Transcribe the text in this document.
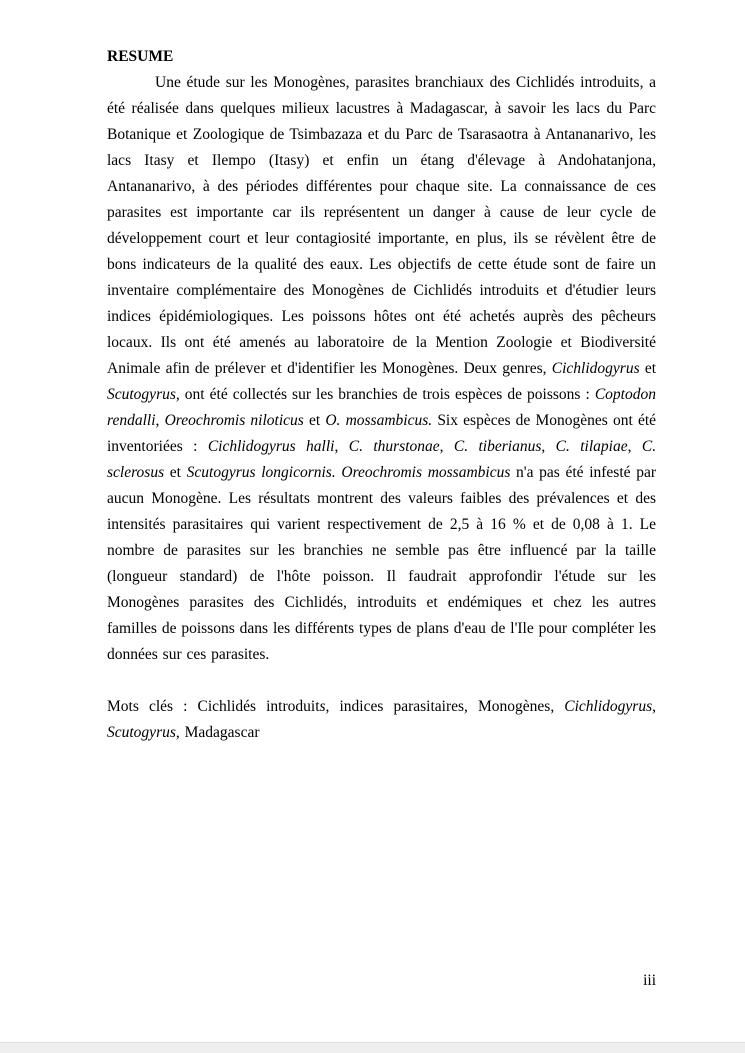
RESUME

Une étude sur les Monogènes, parasites branchiaux des Cichlidés introduits, a été réalisée dans quelques milieux lacustres à Madagascar, à savoir les lacs du Parc Botanique et Zoologique de Tsimbazaza et du Parc de Tsarasaotra à Antananarivo, les lacs Itasy et Ilempo (Itasy) et enfin un étang d'élevage à Andohatanjona, Antananarivo, à des périodes différentes pour chaque site. La connaissance de ces parasites est importante car ils représentent un danger à cause de leur cycle de développement court et leur contagiosité importante, en plus, ils se révèlent être de bons indicateurs de la qualité des eaux. Les objectifs de cette étude sont de faire un inventaire complémentaire des Monogènes de Cichlidés introduits et d'étudier leurs indices épidémiologiques. Les poissons hôtes ont été achetés auprès des pêcheurs locaux. Ils ont été amenés au laboratoire de la Mention Zoologie et Biodiversité Animale afin de prélever et d'identifier les Monogènes. Deux genres, Cichlidogyrus et Scutogyrus, ont été collectés sur les branchies de trois espèces de poissons : Coptodon rendalli, Oreochromis niloticus et O. mossambicus. Six espèces de Monogènes ont été inventoriées : Cichlidogyrus halli, C. thurstonae, C. tiberianus, C. tilapiae, C. sclerosus et Scutogyrus longicornis. Oreochromis mossambicus n'a pas été infesté par aucun Monogène. Les résultats montrent des valeurs faibles des prévalences et des intensités parasitaires qui varient respectivement de 2,5 à 16 % et de 0,08 à 1. Le nombre de parasites sur les branchies ne semble pas être influencé par la taille (longueur standard) de l'hôte poisson. Il faudrait approfondir l'étude sur les Monogènes parasites des Cichlidés, introduits et endémiques et chez les autres familles de poissons dans les différents types de plans d'eau de l'Ile pour compléter les données sur ces parasites.

Mots clés : Cichlidés introduits, indices parasitaires, Monogènes, Cichlidogyrus, Scutogyrus, Madagascar

iii
